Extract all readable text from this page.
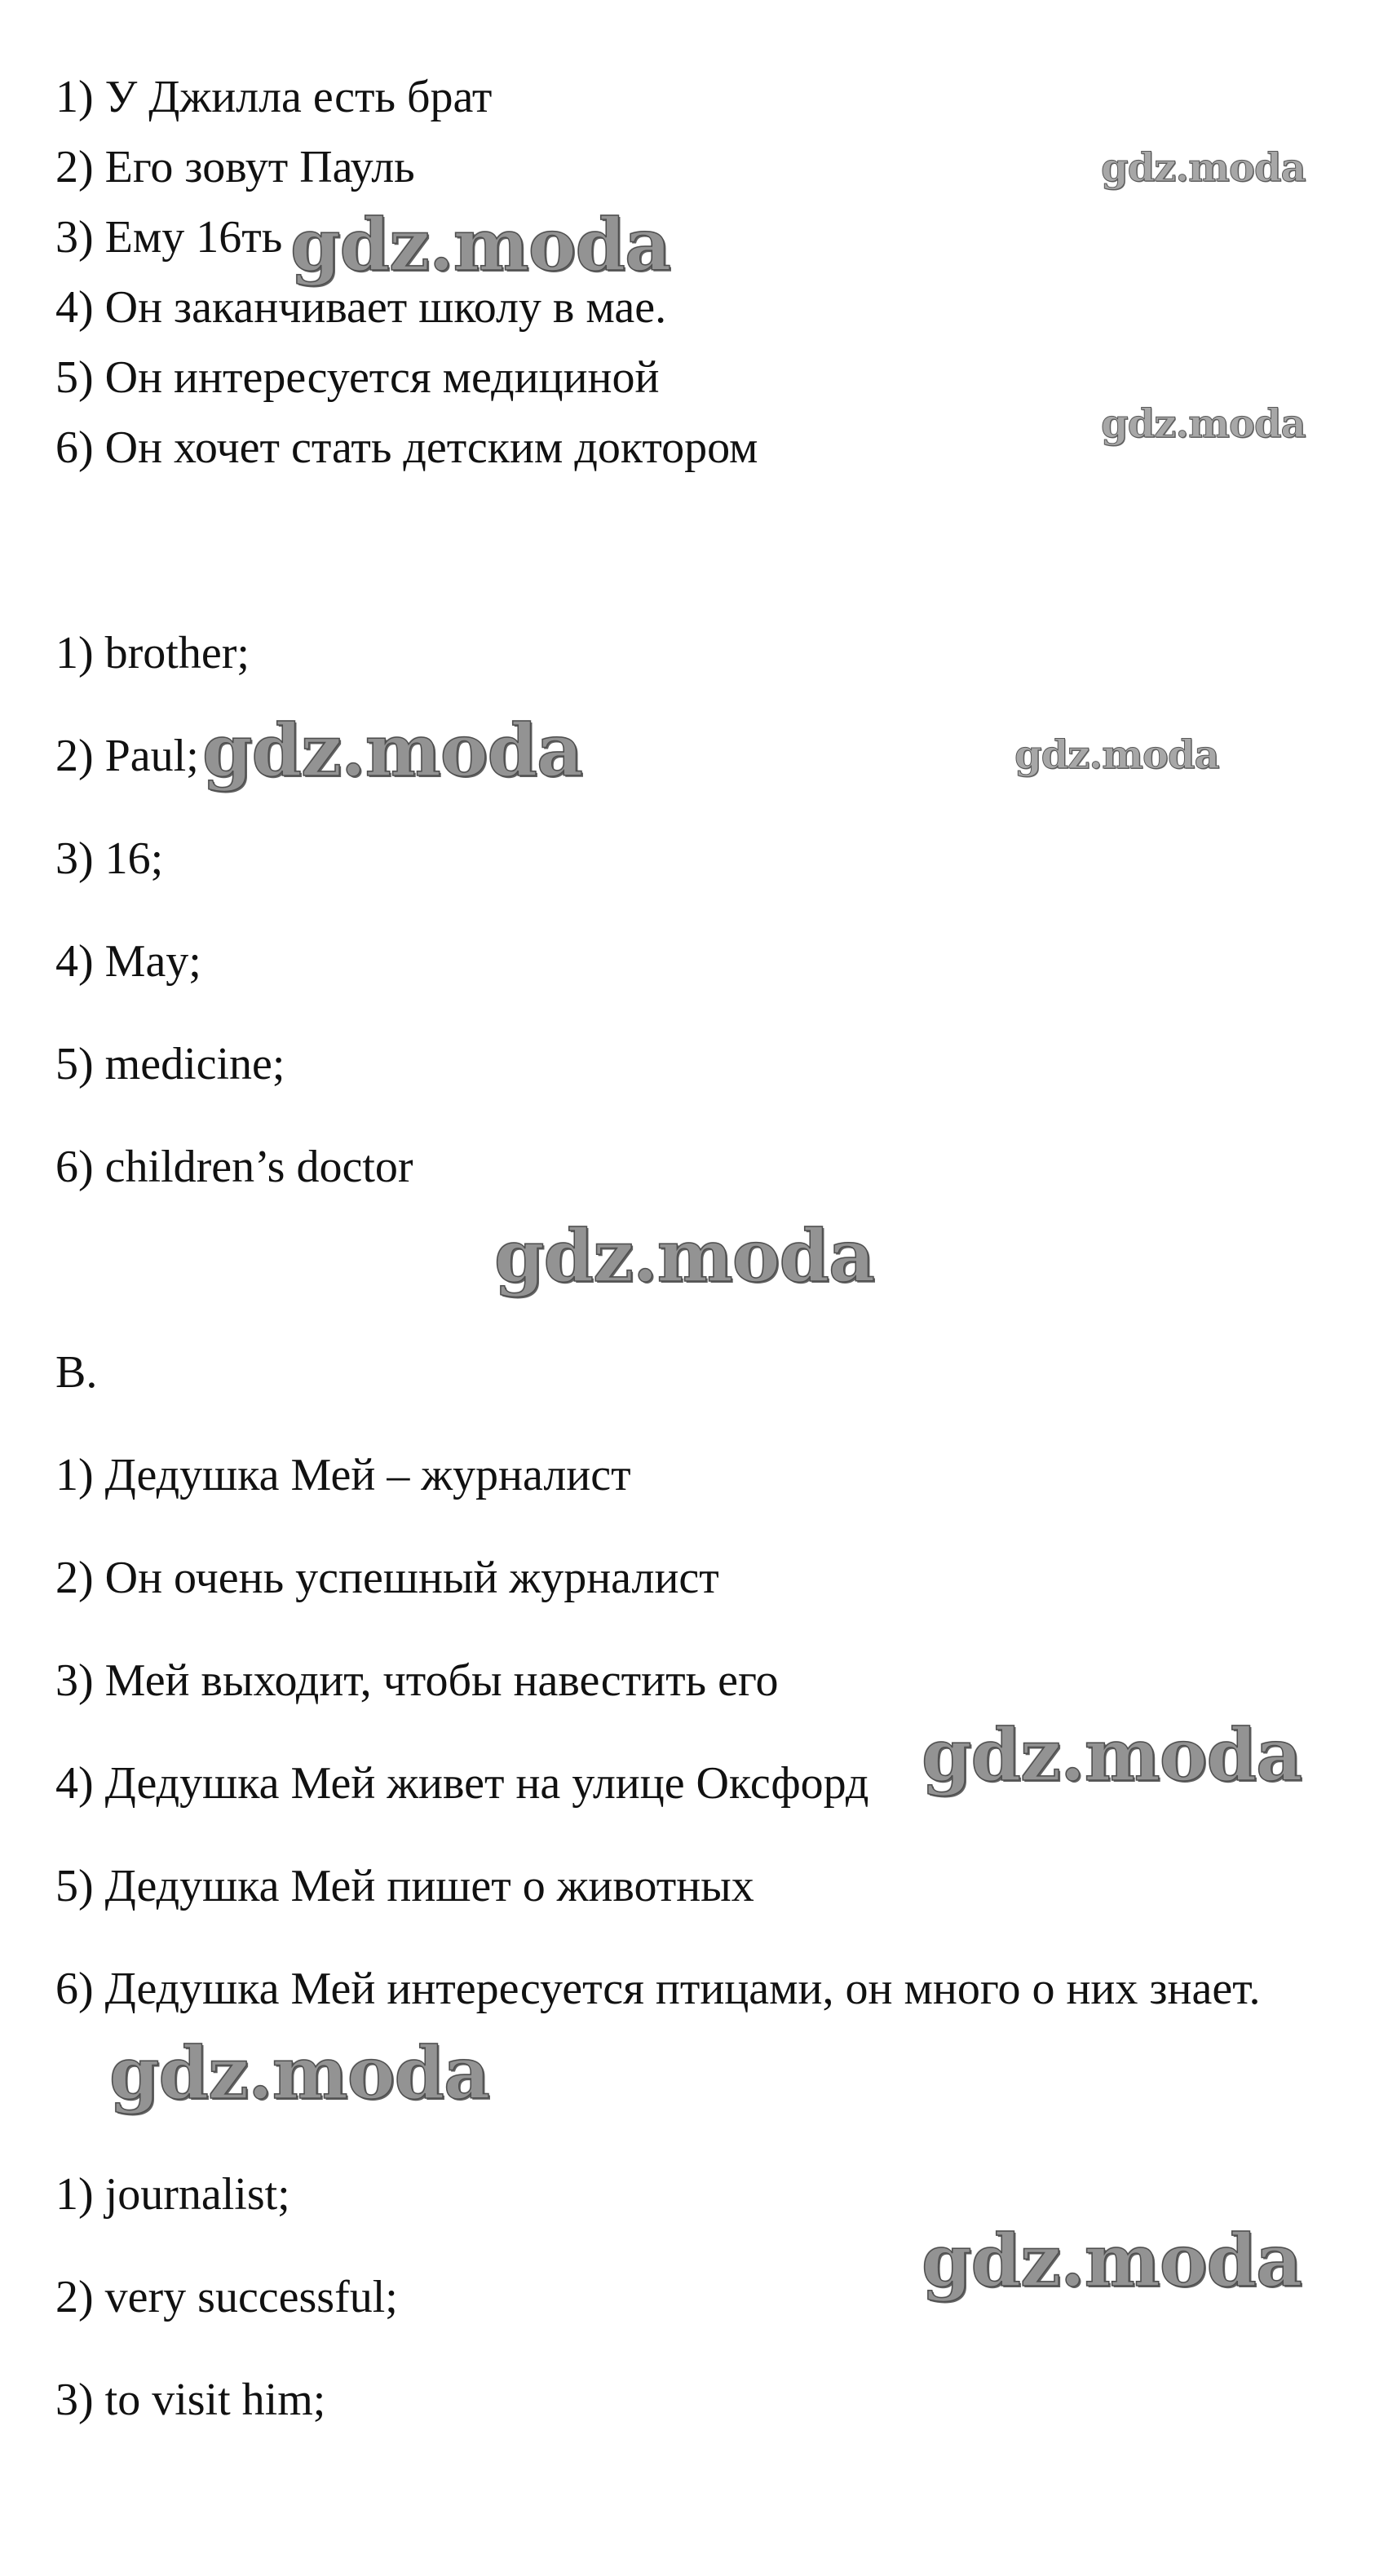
1) У Джилла есть брат
2) Его зовут Пауль
3) Ему 16ть
4) Он заканчивает школу в мае.
5) Он интересуется медициной
6) Он хочет стать детским доктором
1) brother;
2) Paul;
3) 16;
4) May;
5) medicine;
6) children’s doctor
B.
1) Дедушка Мей – журналист
2) Он очень успешный журналист
3) Мей выходит, чтобы навестить его
4) Дедушка Мей живет на улице Оксфорд
5) Дедушка Мей пишет о животных
6) Дедушка Мей интересуется птицами, он много о них знает.
1) journalist;
2) very successful;
3) to visit him;
gdz.moda
gdz.moda
gdz.moda
gdz.moda	gdz.moda
gdz.moda
gdz.moda
gdz.moda
gdz.moda
